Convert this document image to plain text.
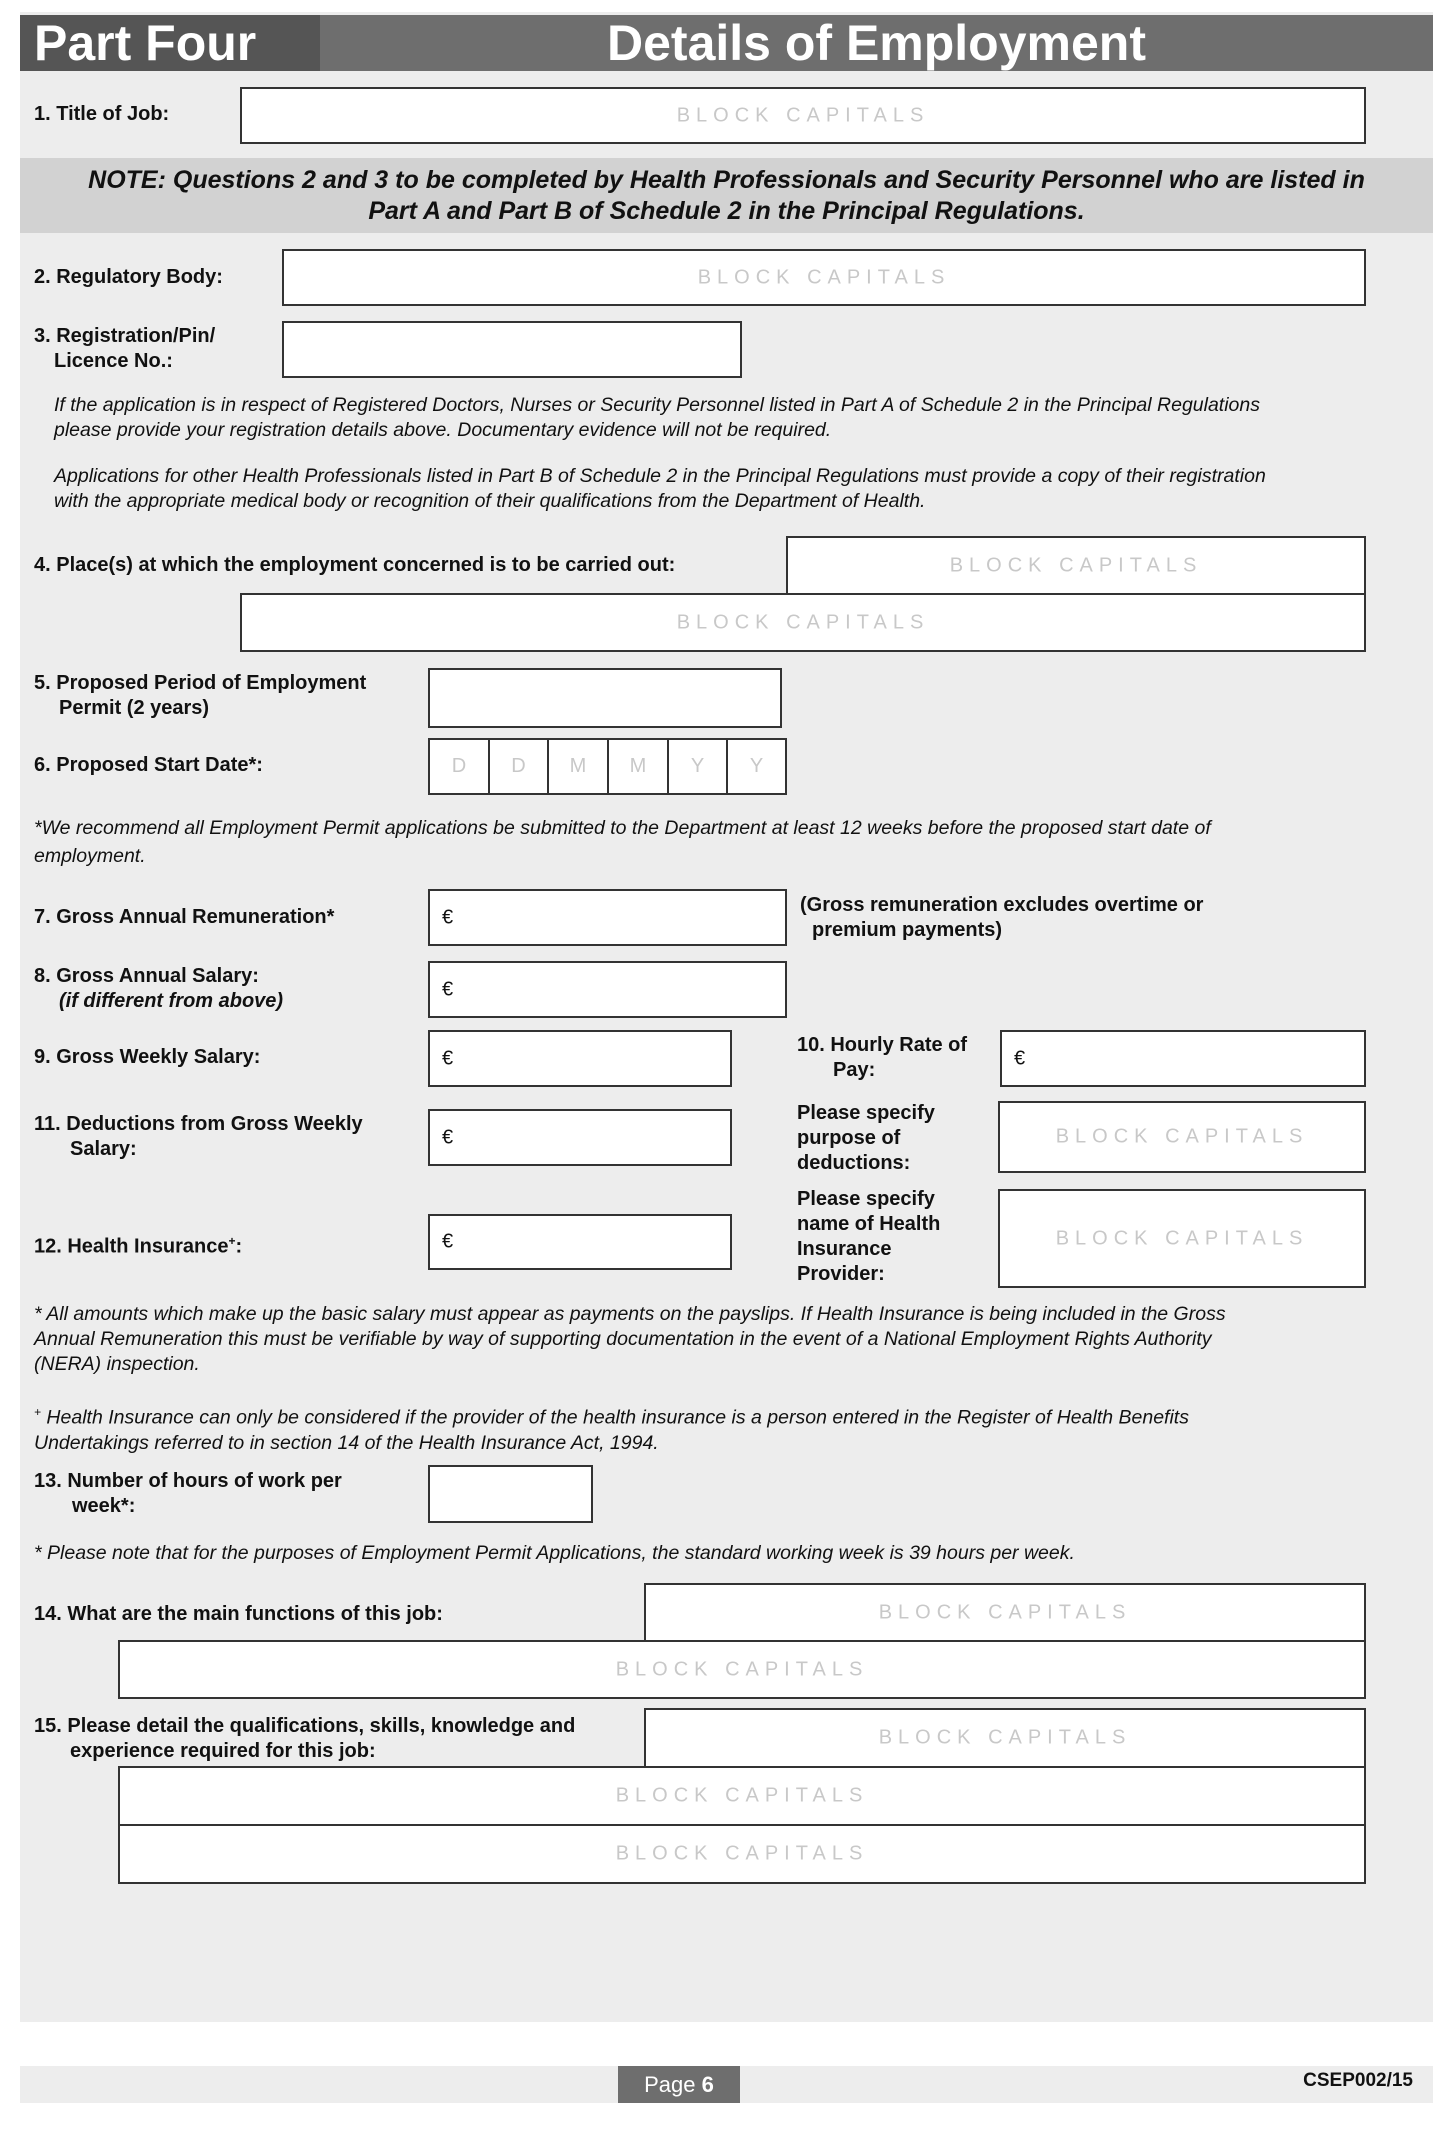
Part Four	Details of Employment
1. Title of Job:	BLOCK CAPITALS
NOTE: Questions 2 and 3 to be completed by Health Professionals and Security Personnel who are listed in
Part A and Part B of Schedule 2 in the Principal Regulations.
2. Regulatory Body:	BLOCK CAPITALS
3. Registration/Pin/
Licence No.:
If the application is in respect of Registered Doctors, Nurses or Security Personnel listed in Part A of Schedule 2 in the Principal Regulations
please provide your registration details above. Documentary evidence will not be required.
Applications for other Health Professionals listed in Part B of Schedule 2 in the Principal Regulations must provide a copy of their registration
with the appropriate medical body or recognition of their qualifications from the Department of Health.
4. Place(s) at which the employment concerned is to be carried out:	BLOCK CAPITALS
BLOCK CAPITALS
5. Proposed Period of Employment
Permit (2 years)
6. Proposed Start Date*:	D	D	M	M	Y	Y
*We recommend all Employment Permit applications be submitted to the Department at least 12 weeks before the proposed start date of
employment.
7. Gross Annual Remuneration*	€
(Gross remuneration excludes overtime or
premium payments)
8. Gross Annual Salary:
(if different from above)
€
9. Gross Weekly Salary:	€
10. Hourly Rate of
Pay:
€
11. Deductions from Gross Weekly
Salary:
€
Please specify
purpose of
deductions:
BLOCK CAPITALS
12. Health Insurance+:	€
Please specify
name of Health
Insurance
Provider:
BLOCK CAPITALS
* All amounts which make up the basic salary must appear as payments on the payslips. If Health Insurance is being included in the Gross
Annual Remuneration this must be verifiable by way of supporting documentation in the event of a National Employment Rights Authority
(NERA) inspection.
+ Health Insurance can only be considered if the provider of the health insurance is a person entered in the Register of Health Benefits
Undertakings referred to in section 14 of the Health Insurance Act, 1994.
13. Number of hours of work per
week*:
* Please note that for the purposes of Employment Permit Applications, the standard working week is 39 hours per week.
14. What are the main functions of this job:	BLOCK CAPITALS
BLOCK CAPITALS
15. Please detail the qualifications, skills, knowledge and
experience required for this job:
BLOCK CAPITALS
BLOCK CAPITALS
BLOCK CAPITALS
Page 6	CSEP002/15
